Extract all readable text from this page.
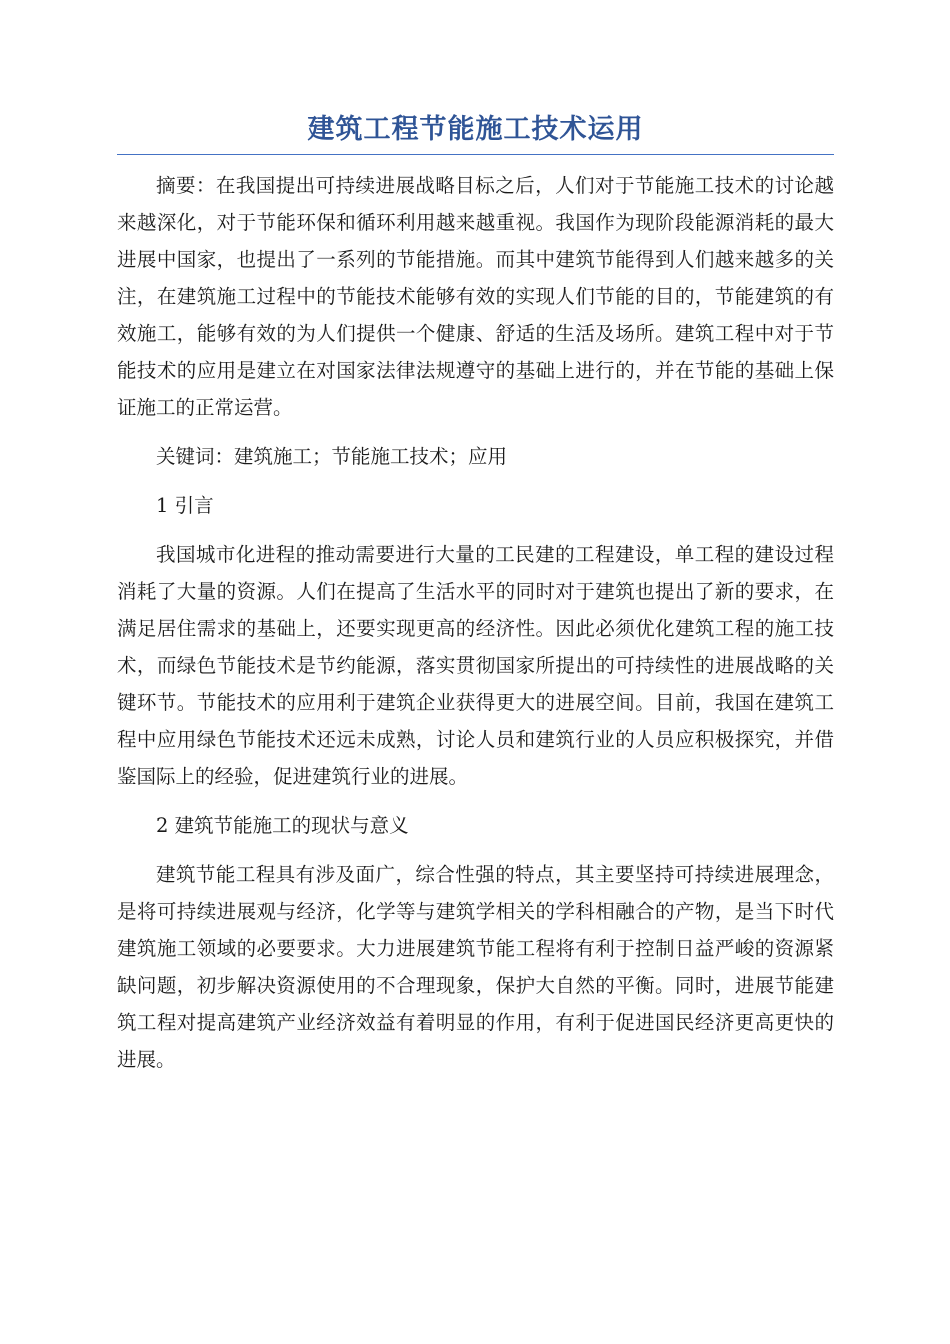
建筑工程节能施工技术运用

摘要：在我国提出可持续进展战略目标之后，人们对于节能施工技术的讨论越来越深化，对于节能环保和循环利用越来越重视。我国作为现阶段能源消耗的最大进展中国家，也提出了一系列的节能措施。而其中建筑节能得到人们越来越多的关注，在建筑施工过程中的节能技术能够有效的实现人们节能的目的，节能建筑的有效施工，能够有效的为人们提供一个健康、舒适的生活及场所。建筑工程中对于节能技术的应用是建立在对国家法律法规遵守的基础上进行的，并在节能的基础上保证施工的正常运营。

关键词：建筑施工；节能施工技术；应用

1 引言

我国城市化进程的推动需要进行大量的工民建的工程建设，单工程的建设过程消耗了大量的资源。人们在提高了生活水平的同时对于建筑也提出了新的要求，在满足居住需求的基础上，还要实现更高的经济性。因此必须优化建筑工程的施工技术，而绿色节能技术是节约能源，落实贯彻国家所提出的可持续性的进展战略的关键环节。节能技术的应用利于建筑企业获得更大的进展空间。目前，我国在建筑工程中应用绿色节能技术还远未成熟，讨论人员和建筑行业的人员应积极探究，并借鉴国际上的经验，促进建筑行业的进展。

2 建筑节能施工的现状与意义

建筑节能工程具有涉及面广，综合性强的特点，其主要坚持可持续进展理念，是将可持续进展观与经济，化学等与建筑学相关的学科相融合的产物，是当下时代建筑施工领域的必要要求。大力进展建筑节能工程将有利于控制日益严峻的资源紧缺问题，初步解决资源使用的不合理现象，保护大自然的平衡。同时，进展节能建筑工程对提高建筑产业经济效益有着明显的作用，有利于促进国民经济更高更快的进展。
